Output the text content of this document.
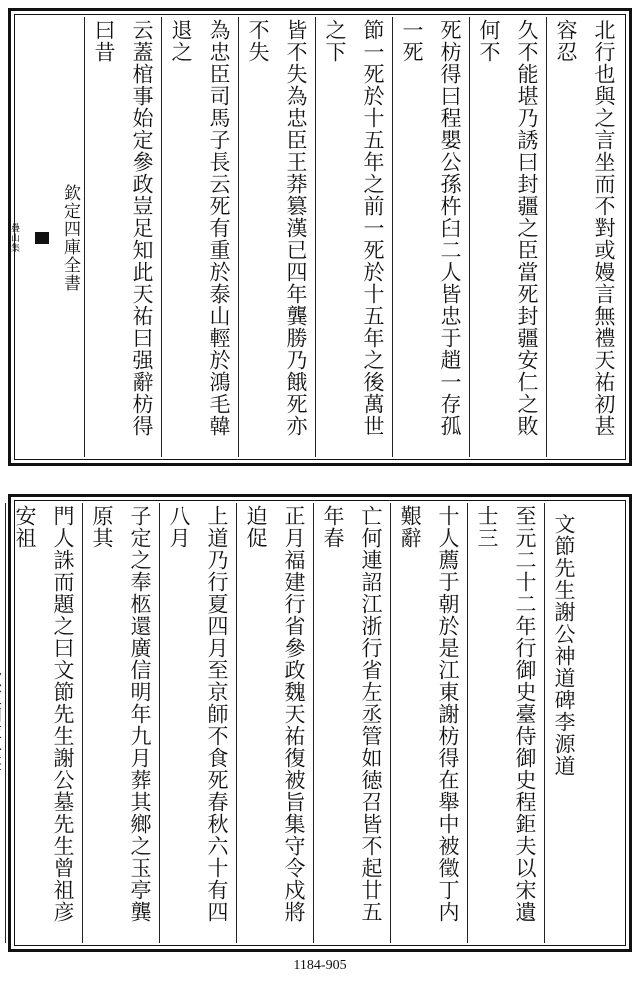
北行也與之言坐而不對或嫚言無禮天祐初甚容忍
久不能堪乃誘曰封疆之臣當死封疆安仁之敗何不
死枋得曰程嬰公孫杵臼二人皆忠于趙一存孤一死
節一死於十五年之前一死於十五年之後萬世之下
皆不失為忠臣王莽篡漢已四年龔勝乃餓死亦不失
為忠臣司馬子長云死有重於泰山輕於鴻毛韓退之
云蓋棺事始定參政豈足知此天祐曰强辭枋得曰昔
欽定四庫全書
疊山集
文節先生謝公神道碑李源道
至元二十二年行御史臺侍御史程鉅夫以宋遺士三
十人薦于朝於是江東謝枋得在舉中被徵丁内艱辭
亡何連詔江浙行省左丞管如徳召皆不起廿五年春
正月福建行省參政魏天祐復被旨集守令戍將迫促
上道乃行夏四月至京師不食死春秋六十有四八月
子定之奉柩還廣信明年九月葬其鄉之玉亭龔原其
門人誅而題之曰文節先生謝公墓先生曾祖彦安祖
1184-905
